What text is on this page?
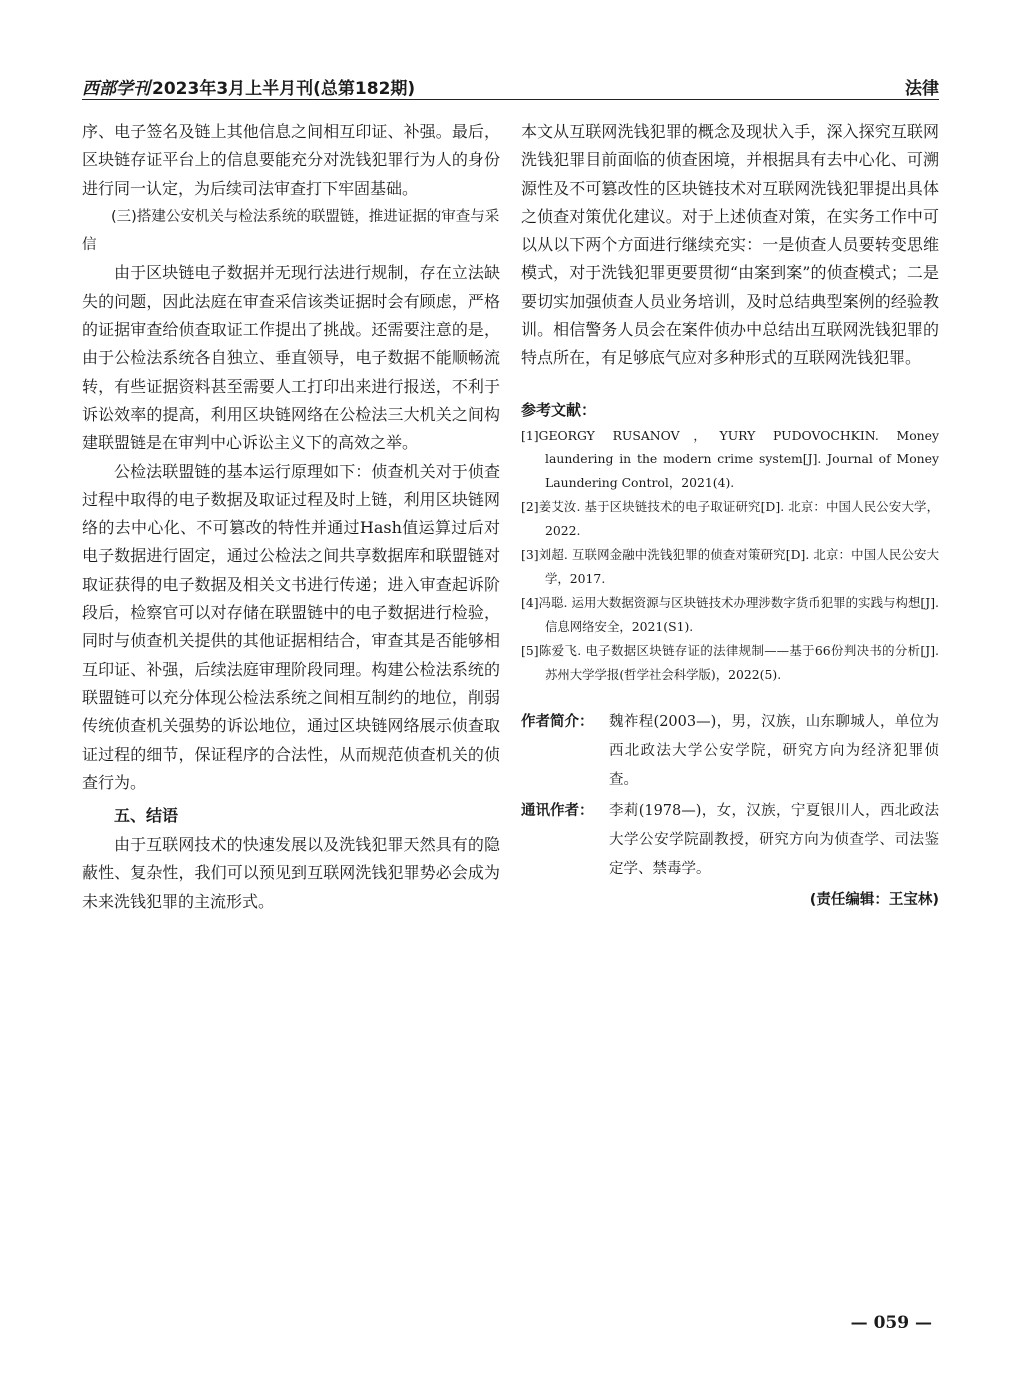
西部学刊 2023年3月上半月刊(总第182期)	法律

序、电子签名及链上其他信息之间相互印证、补强。最后，区块链存证平台上的信息要能充分对洗钱犯罪行为人的身份进行同一认定，为后续司法审查打下牢固基础。

(三)搭建公安机关与检法系统的联盟链，推进证据的审查与采信

由于区块链电子数据并无现行法进行规制，存在立法缺失的问题，因此法庭在审查采信该类证据时会有顾虑，严格的证据审查给侦查取证工作提出了挑战。还需要注意的是，由于公检法系统各自独立、垂直领导，电子数据不能顺畅流转，有些证据资料甚至需要人工打印出来进行报送，不利于诉讼效率的提高，利用区块链网络在公检法三大机关之间构建联盟链是在审判中心诉讼主义下的高效之举。

公检法联盟链的基本运行原理如下：侦查机关对于侦查过程中取得的电子数据及取证过程及时上链，利用区块链网络的去中心化、不可篡改的特性并通过Hash值运算过后对电子数据进行固定，通过公检法之间共享数据库和联盟链对取证获得的电子数据及相关文书进行传递；进入审查起诉阶段后，检察官可以对存储在联盟链中的电子数据进行检验，同时与侦查机关提供的其他证据相结合，审查其是否能够相互印证、补强，后续法庭审理阶段同理。构建公检法系统的联盟链可以充分体现公检法系统之间相互制约的地位，削弱传统侦查机关强势的诉讼地位，通过区块链网络展示侦查取证过程的细节，保证程序的合法性，从而规范侦查机关的侦查行为。

五、结语

由于互联网技术的快速发展以及洗钱犯罪天然具有的隐蔽性、复杂性，我们可以预见到互联网洗钱犯罪势必会成为未来洗钱犯罪的主流形式。

本文从互联网洗钱犯罪的概念及现状入手，深入探究互联网洗钱犯罪目前面临的侦查困境，并根据具有去中心化、可溯源性及不可篡改性的区块链技术对互联网洗钱犯罪提出具体之侦查对策优化建议。对于上述侦查对策，在实务工作中可以从以下两个方面进行继续充实：一是侦查人员要转变思维模式，对于洗钱犯罪更要贯彻“由案到案”的侦查模式；二是要切实加强侦查人员业务培训，及时总结典型案例的经验教训。相信警务人员会在案件侦办中总结出互联网洗钱犯罪的特点所在，有足够底气应对多种形式的互联网洗钱犯罪。

参考文献：
[1]GEORGY RUSANOV，YURY PUDOVOCHKIN. Money laundering in the modern crime system[J]. Journal of Money Laundering Control，2021(4).
[2]姜艾汝. 基于区块链技术的电子取证研究[D]. 北京：中国人民公安大学，2022.
[3]刘超. 互联网金融中洗钱犯罪的侦查对策研究[D]. 北京：中国人民公安大学，2017.
[4]冯聪. 运用大数据资源与区块链技术办理涉数字货币犯罪的实践与构想[J]. 信息网络安全，2021(S1).
[5]陈爱飞. 电子数据区块链存证的法律规制——基于66份判决书的分析[J]. 苏州大学学报(哲学社会科学版)，2022(5).
作者简介：	魏祚程(2003—)，男，汉族，山东聊城人，单位为西北政法大学公安学院，研究方向为经济犯罪侦查。
通讯作者：	李莉(1978—)，女，汉族，宁夏银川人，西北政法大学公安学院副教授，研究方向为侦查学、司法鉴定学、禁毒学。
(责任编辑：王宝林)
— 059 —
